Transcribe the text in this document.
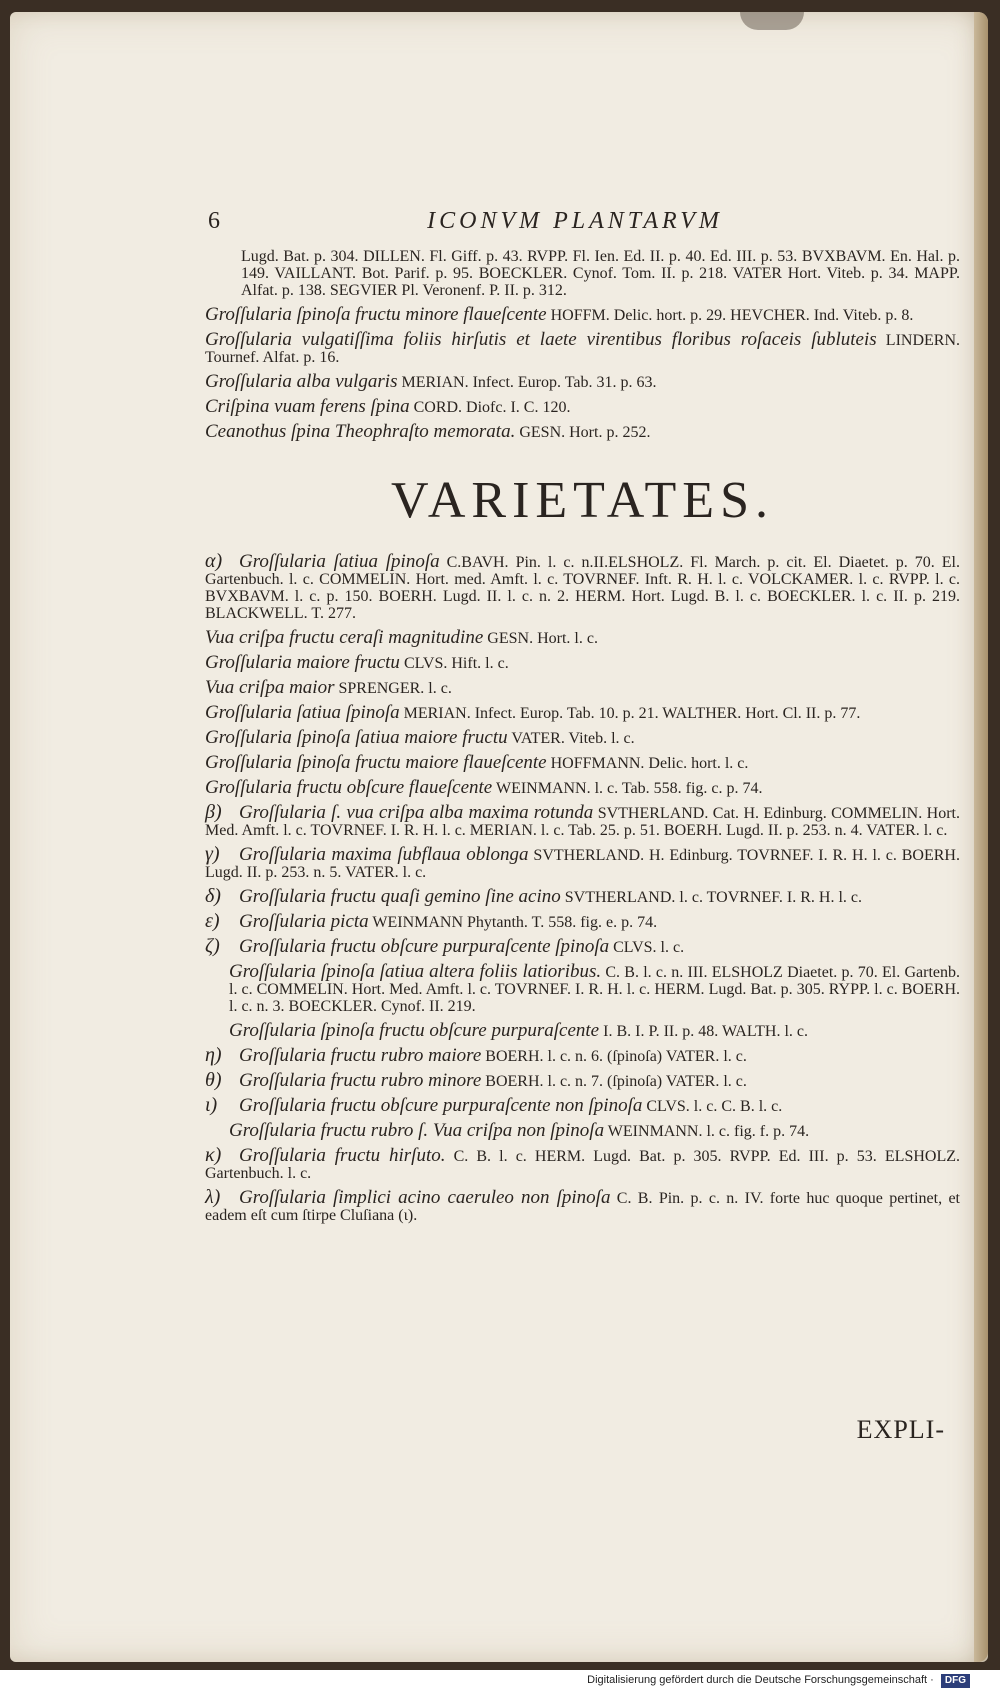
6	ICONVM PLANTARVM
Lugd. Bat. p. 304. DILLEN. Fl. Giff. p. 43. RVPP. Fl. Ien. Ed. II. p. 40. Ed. III. p. 53. BVXBAVM. En. Hal. p. 149. VAILLANT. Bot. Parif. p. 95. BOECKLER. Cynof. Tom. II. p. 218. VATER Hort. Viteb. p. 34. MAPP. Alfat. p. 138. SEGVIER Pl. Veronenf. P. II. p. 312.
Groſſularia ſpinoſa fructu minore flaueſcente HOFFM. Delic. hort. p. 29. HEVCHER. Ind. Viteb. p. 8.
Groſſularia vulgatiſſima foliis hirſutis et laete virentibus floribus roſaceis ſubluteis LINDERN. Tournef. Alfat. p. 16.
Groſſularia alba vulgaris MERIAN. Infect. Europ. Tab. 31. p. 63.
Criſpina vuam ferens ſpina CORD. Diofc. I. C. 120.
Ceanothus ſpina Theophraſto memorata. GESN. Hort. p. 252.
VARIETATES.
α) Groſſularia ſatiua ſpinoſa C.BAVH. Pin. l. c. n.II.ELSHOLZ. Fl. March. p. cit. El. Diaetet. p. 70. El. Gartenbuch. l. c. COMMELIN. Hort. med. Amft. l. c. TOVRNEF. Inft. R. H. l. c. VOLCKAMER. l. c. RVPP. l. c. BVXBAVM. l. c. p. 150. BOERH. Lugd. II. l. c. n. 2. HERM. Hort. Lugd. B. l. c. BOECKLER. l. c. II. p. 219. BLACKWELL. T. 277.
Vua criſpa fructu ceraſi magnitudine GESN. Hort. l. c.
Groſſularia maiore fructu CLVS. Hift. l. c.
Vua criſpa maior SPRENGER. l. c.
Groſſularia ſatiua ſpinoſa MERIAN. Infect. Europ. Tab. 10. p. 21. WALTHER. Hort. Cl. II. p. 77.
Groſſularia ſpinoſa ſatiua maiore fructu VATER. Viteb. l. c.
Groſſularia ſpinoſa fructu maiore flaueſcente HOFFMANN. Delic. hort. l. c.
Groſſularia fructu obſcure flaueſcente WEINMANN. l. c. Tab. 558. fig. c. p. 74.
β) Groſſularia ſ. vua criſpa alba maxima rotunda SVTHERLAND. Cat. H. Edinburg. COMMELIN. Hort. Med. Amft. l. c. TOVRNEF. I. R. H. l. c. MERIAN. l. c. Tab. 25. p. 51. BOERH. Lugd. II. p. 253. n. 4. VATER. l. c.
γ) Groſſularia maxima ſubflaua oblonga SVTHERLAND. H. Edinburg. TOVRNEF. I. R. H. l. c. BOERH. Lugd. II. p. 253. n. 5. VATER. l. c.
δ) Groſſularia fructu quaſi gemino ſine acino SVTHERLAND. l. c. TOVRNEF. I. R. H. l. c.
ε) Groſſularia picta WEINMANN Phytanth. T. 558. fig. e. p. 74.
ζ) Groſſularia fructu obſcure purpuraſcente ſpinoſa CLVS. l. c.
Groſſularia ſpinoſa ſatiua altera foliis latioribus. C. B. l. c. n. III. ELSHOLZ Diaetet. p. 70. El. Gartenb. l. c. COMMELIN. Hort. Med. Amft. l. c. TOVRNEF. I. R. H. l. c. HERM. Lugd. Bat. p. 305. RYPP. l. c. BOERH. l. c. n. 3. BOECKLER. Cynof. II. 219.
Groſſularia ſpinoſa fructu obſcure purpuraſcente I. B. I. P. II. p. 48. WALTH. l. c.
η) Groſſularia fructu rubro maiore BOERH. l. c. n. 6. (ſpinoſa) VATER. l. c.
θ) Groſſularia fructu rubro minore BOERH. l. c. n. 7. (ſpinoſa) VATER. l. c.
ι) Groſſularia fructu obſcure purpuraſcente non ſpinoſa CLVS. l. c. C. B. l. c.
Groſſularia fructu rubro ſ. Vua criſpa non ſpinoſa WEINMANN. l. c. fig. f. p. 74.
κ) Groſſularia fructu hirſuto. C. B. l. c. HERM. Lugd. Bat. p. 305. RVPP. Ed. III. p. 53. ELSHOLZ. Gartenbuch. l. c.
λ) Groſſularia ſimplici acino caeruleo non ſpinoſa C. B. Pin. p. c. n. IV. forte huc quoque pertinet, et eadem eſt cum ſtirpe Cluſiana (ι).
EXPLI-
Digitalisierung gefördert durch die Deutsche Forschungsgemeinschaft · DFG
